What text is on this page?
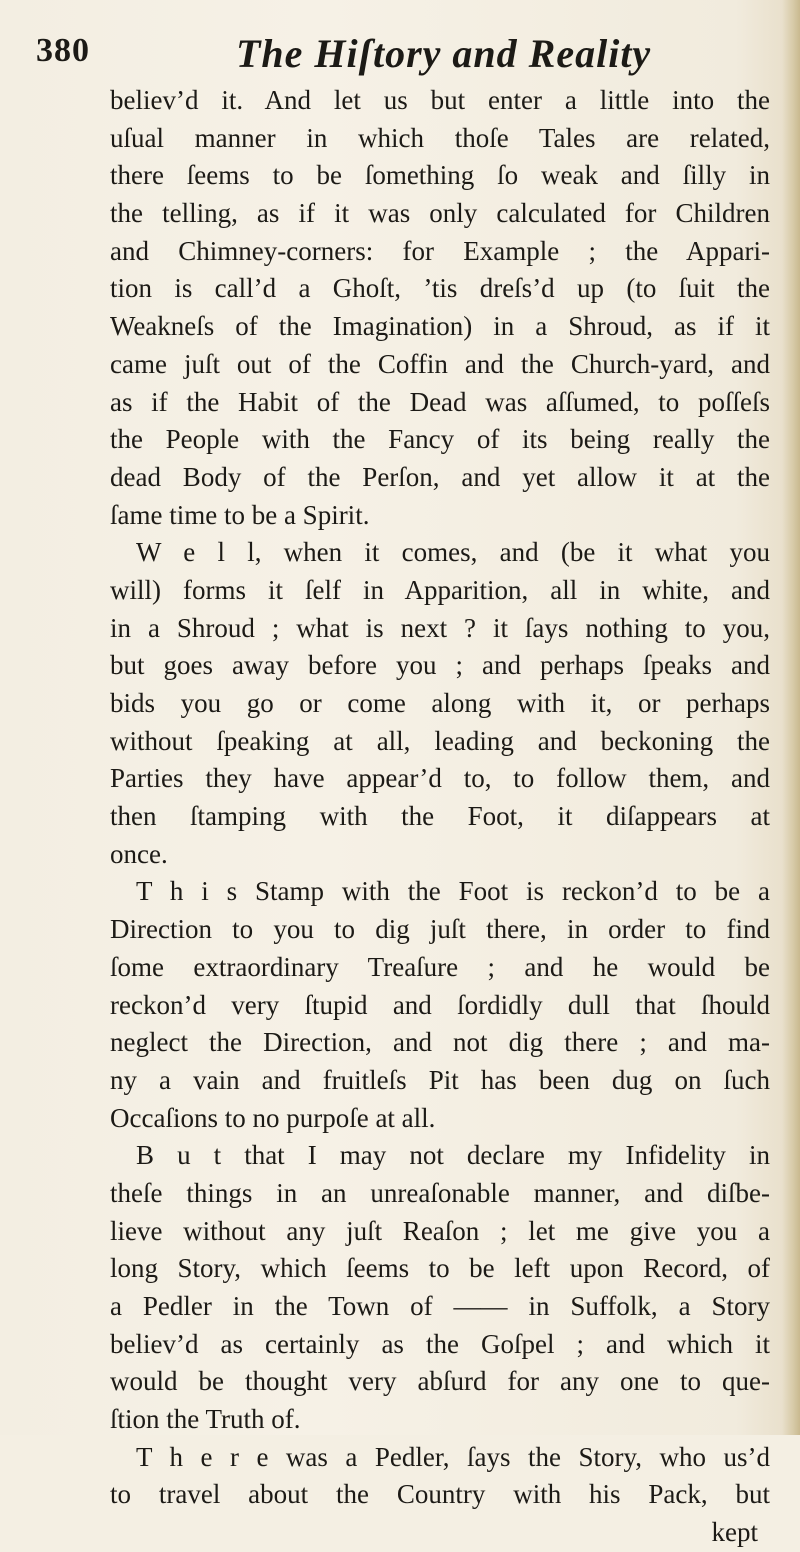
380	The Hiſtory and Reality
believ’d it. And let us but enter a little into the
uſual manner in which thoſe Tales are related,
there ſeems to be ſomething ſo weak and ſilly in
the telling, as if it was only calculated for Children
and Chimney-corners: for Example ; the Appari-
tion is call’d a Ghoſt, ’tis dreſs’d up (to ſuit the
Weakneſs of the Imagination) in a Shroud, as if it
came juſt out of the Coffin and the Church-yard, and
as if the Habit of the Dead was aſſumed, to poſſeſs
the People with the Fancy of its being really the
dead Body of the Perſon, and yet allow it at the
ſame time to be a Spirit.
W e l l, when it comes, and (be it what you
will) forms it ſelf in Apparition, all in white, and
in a Shroud ; what is next ? it ſays nothing to you,
but goes away before you ; and perhaps ſpeaks and
bids you go or come along with it, or perhaps
without ſpeaking at all, leading and beckoning the
Parties they have appear’d to, to follow them, and
then ſtamping with the Foot, it diſappears at
once.
T h i s Stamp with the Foot is reckon’d to be a
Direction to you to dig juſt there, in order to find
ſome extraordinary Treaſure ; and he would be
reckon’d very ſtupid and ſordidly dull that ſhould
neglect the Direction, and not dig there ; and ma-
ny a vain and fruitleſs Pit has been dug on ſuch
Occaſions to no purpoſe at all.
B u t that I may not declare my Infidelity in
theſe things in an unreaſonable manner, and diſbe-
lieve without any juſt Reaſon ; let me give you a
long Story, which ſeems to be left upon Record, of
a Pedler in the Town of —— in Suffolk, a Story
believ’d as certainly as the Goſpel ; and which it
would be thought very abſurd for any one to que-
ſtion the Truth of.
T h e r e was a Pedler, ſays the Story, who us’d
to travel about the Country with his Pack, but
kept
